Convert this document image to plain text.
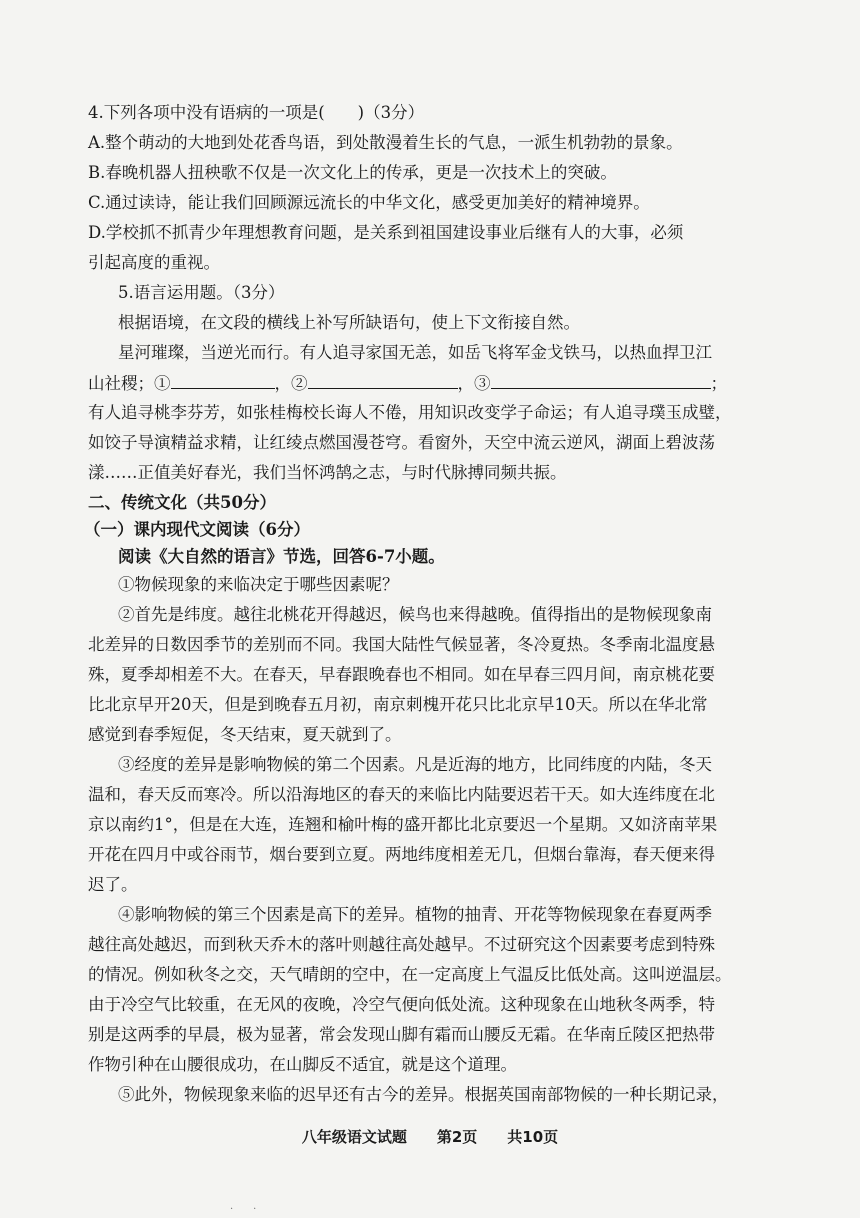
4.下列各项中没有语病的一项是(　　)（3分）
A.整个萌动的大地到处花香鸟语，到处散漫着生长的气息，一派生机勃勃的景象。
B.春晚机器人扭秧歌不仅是一次文化上的传承，更是一次技术上的突破。
C.通过读诗，能让我们回顾源远流长的中华文化，感受更加美好的精神境界。
D.学校抓不抓青少年理想教育问题，是关系到祖国建设事业后继有人的大事，必须
引起高度的重视。
5.语言运用题。（3分）
根据语境，在文段的横线上补写所缺语句，使上下文衔接自然。
星河璀璨，当逆光而行。有人追寻家国无恙，如岳飞将军金戈铁马，以热血捍卫江
山社稷；①	，②	，③	；
有人追寻桃李芬芳，如张桂梅校长诲人不倦，用知识改变学子命运；有人追寻璞玉成璧，
如饺子导演精益求精，让红绫点燃国漫苍穹。看窗外，天空中流云逆风，湖面上碧波荡
漾……正值美好春光，我们当怀鸿鹄之志，与时代脉搏同频共振。
二、传统文化（共50分）
（一）课内现代文阅读（6分）
阅读《大自然的语言》节选，回答6-7小题。
①物候现象的来临决定于哪些因素呢？
②首先是纬度。越往北桃花开得越迟，候鸟也来得越晚。值得指出的是物候现象南
北差异的日数因季节的差别而不同。我国大陆性气候显著，冬冷夏热。冬季南北温度悬
殊，夏季却相差不大。在春天，早春跟晚春也不相同。如在早春三四月间，南京桃花要
比北京早开20天，但是到晚春五月初，南京刺槐开花只比北京早10天。所以在华北常
感觉到春季短促，冬天结束，夏天就到了。
③经度的差异是影响物候的第二个因素。凡是近海的地方，比同纬度的内陆，冬天
温和，春天反而寒冷。所以沿海地区的春天的来临比内陆要迟若干天。如大连纬度在北
京以南约1°，但是在大连，连翘和榆叶梅的盛开都比北京要迟一个星期。又如济南苹果
开花在四月中或谷雨节，烟台要到立夏。两地纬度相差无几，但烟台靠海，春天便来得
迟了。
④影响物候的第三个因素是高下的差异。植物的抽青、开花等物候现象在春夏两季
越往高处越迟，而到秋天乔木的落叶则越往高处越早。不过研究这个因素要考虑到特殊
的情况。例如秋冬之交，天气晴朗的空中，在一定高度上气温反比低处高。这叫逆温层。
由于冷空气比较重，在无风的夜晚，冷空气便向低处流。这种现象在山地秋冬两季，特
别是这两季的早晨，极为显著，常会发现山脚有霜而山腰反无霜。在华南丘陵区把热带
作物引种在山腰很成功，在山脚反不适宜，就是这个道理。
⑤此外，物候现象来临的迟早还有古今的差异。根据英国南部物候的一种长期记录，
八年级语文试题　　第2页　　共10页
·　　·
